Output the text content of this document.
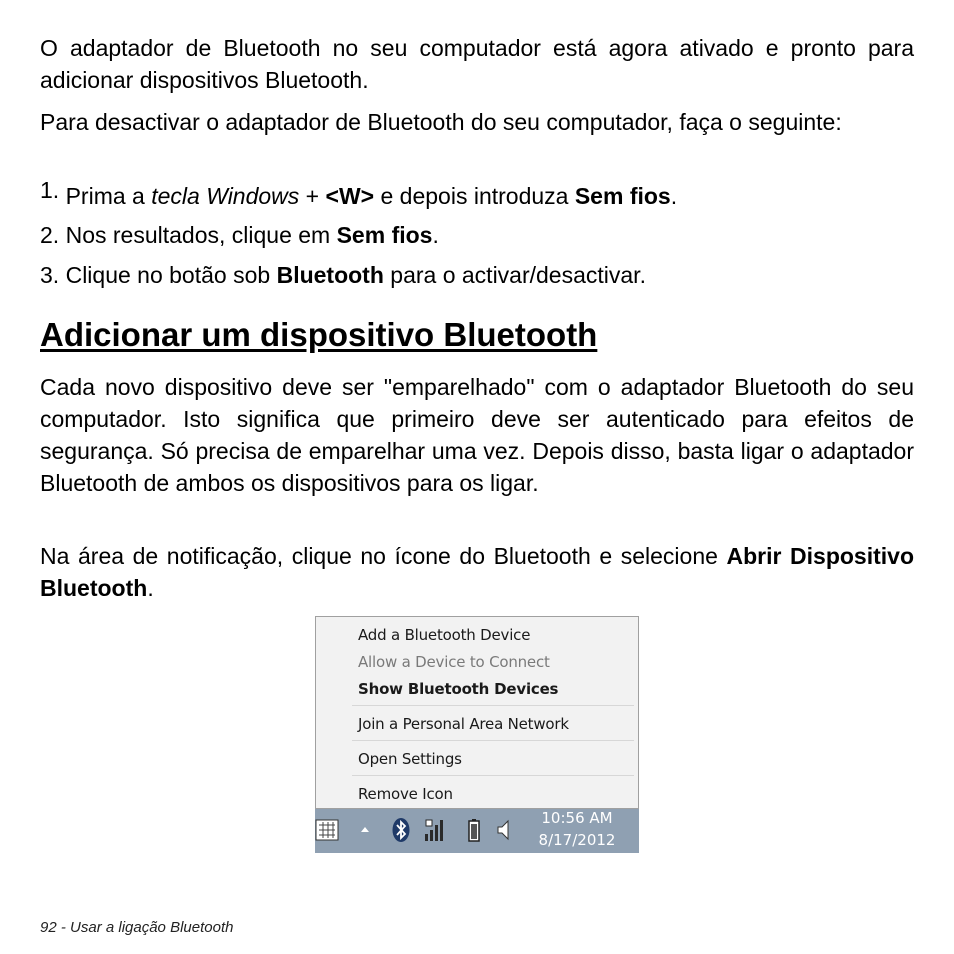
O adaptador de Bluetooth no seu computador está agora ativado e pronto para adicionar dispositivos Bluetooth.

Para desactivar o adaptador de Bluetooth do seu computador, faça o seguinte:

1. Prima a tecla Windows + <W> e depois introduza Sem fios.

2. Nos resultados, clique em Sem fios.

3. Clique no botão sob Bluetooth para o activar/desactivar.

Adicionar um dispositivo Bluetooth

Cada novo dispositivo deve ser "emparelhado" com o adaptador Bluetooth do seu computador. Isto significa que primeiro deve ser autenticado para efeitos de segurança. Só precisa de emparelhar uma vez. Depois disso, basta ligar o adaptador Bluetooth de ambos os dispositivos para os ligar.

Na área de notificação, clique no ícone do Bluetooth e selecione Abrir Dispositivo Bluetooth.

Add a Bluetooth Device
Allow a Device to Connect
Show Bluetooth Devices
Join a Personal Area Network
Open Settings
Remove Icon
10:56 AM
8/17/2012
92 - Usar a ligação Bluetooth
